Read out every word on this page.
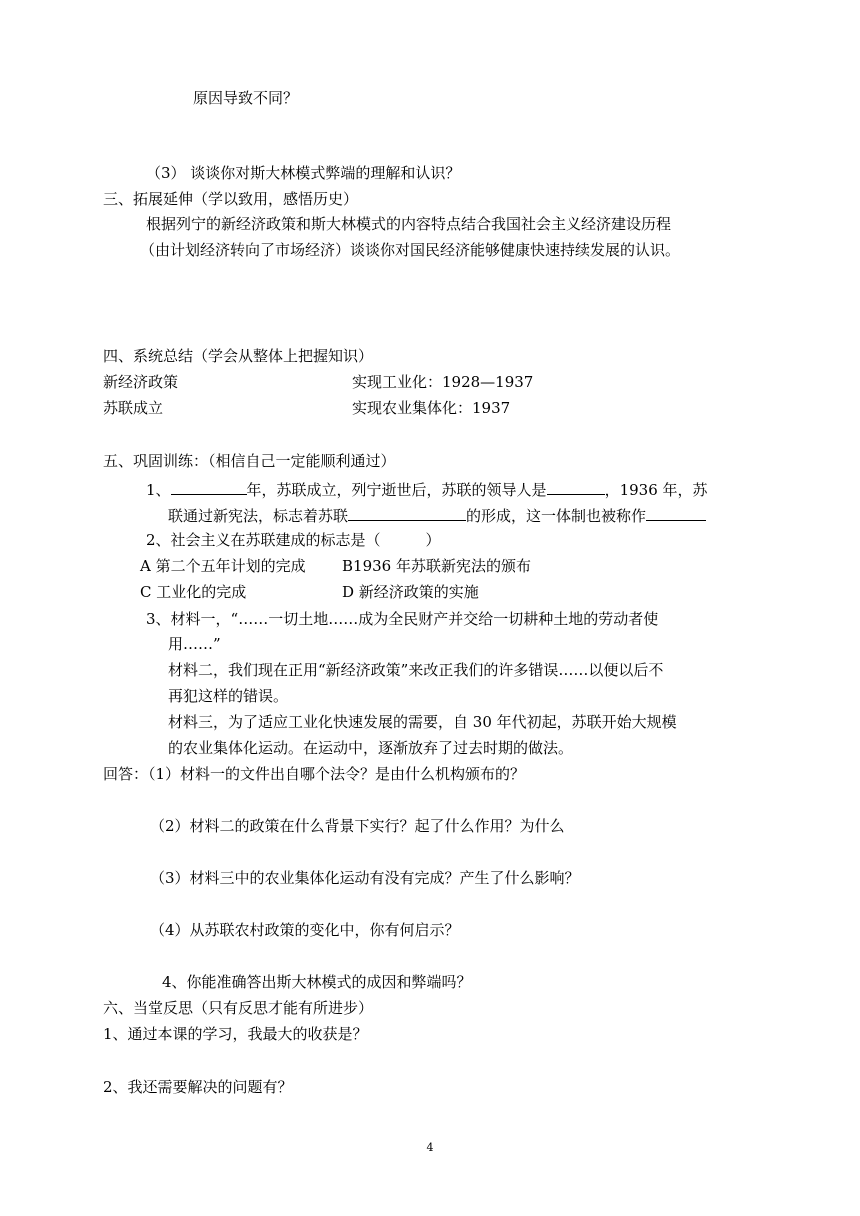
原因导致不同？
（3） 谈谈你对斯大林模式弊端的理解和认识？
三、拓展延伸（学以致用，感悟历史）
根据列宁的新经济政策和斯大林模式的内容特点结合我国社会主义经济建设历程
（由计划经济转向了市场经济）谈谈你对国民经济能够健康快速持续发展的认识。
四、系统总结（学会从整体上把握知识）
新经济政策	实现工业化：1928—1937
苏联成立	实现农业集体化：1937
五、巩固训练：（相信自己一定能顺利通过）
1、	年，苏联成立，列宁逝世后，苏联的领导人是	，1936 年，苏
联通过新宪法，标志着苏联	的形成，这一体制也被称作
2、社会主义在苏联建成的标志是（　　　）
A 第二个五年计划的完成 B1936 年苏联新宪法的颁布
C 工业化的完成	D 新经济政策的实施
3、材料一，“……一切土地……成为全民财产并交给一切耕种土地的劳动者使
用……”
材料二，我们现在正用“新经济政策”来改正我们的许多错误……以便以后不
再犯这样的错误。
材料三，为了适应工业化快速发展的需要，自 30 年代初起，苏联开始大规模
的农业集体化运动。在运动中，逐渐放弃了过去时期的做法。
回答：（1）材料一的文件出自哪个法令？是由什么机构颁布的？
（2）材料二的政策在什么背景下实行？起了什么作用？为什么
（3）材料三中的农业集体化运动有没有完成？产生了什么影响？
（4）从苏联农村政策的变化中，你有何启示？
4、你能准确答出斯大林模式的成因和弊端吗？
六、当堂反思（只有反思才能有所进步）
1、通过本课的学习，我最大的收获是？
2、我还需要解决的问题有？
4
